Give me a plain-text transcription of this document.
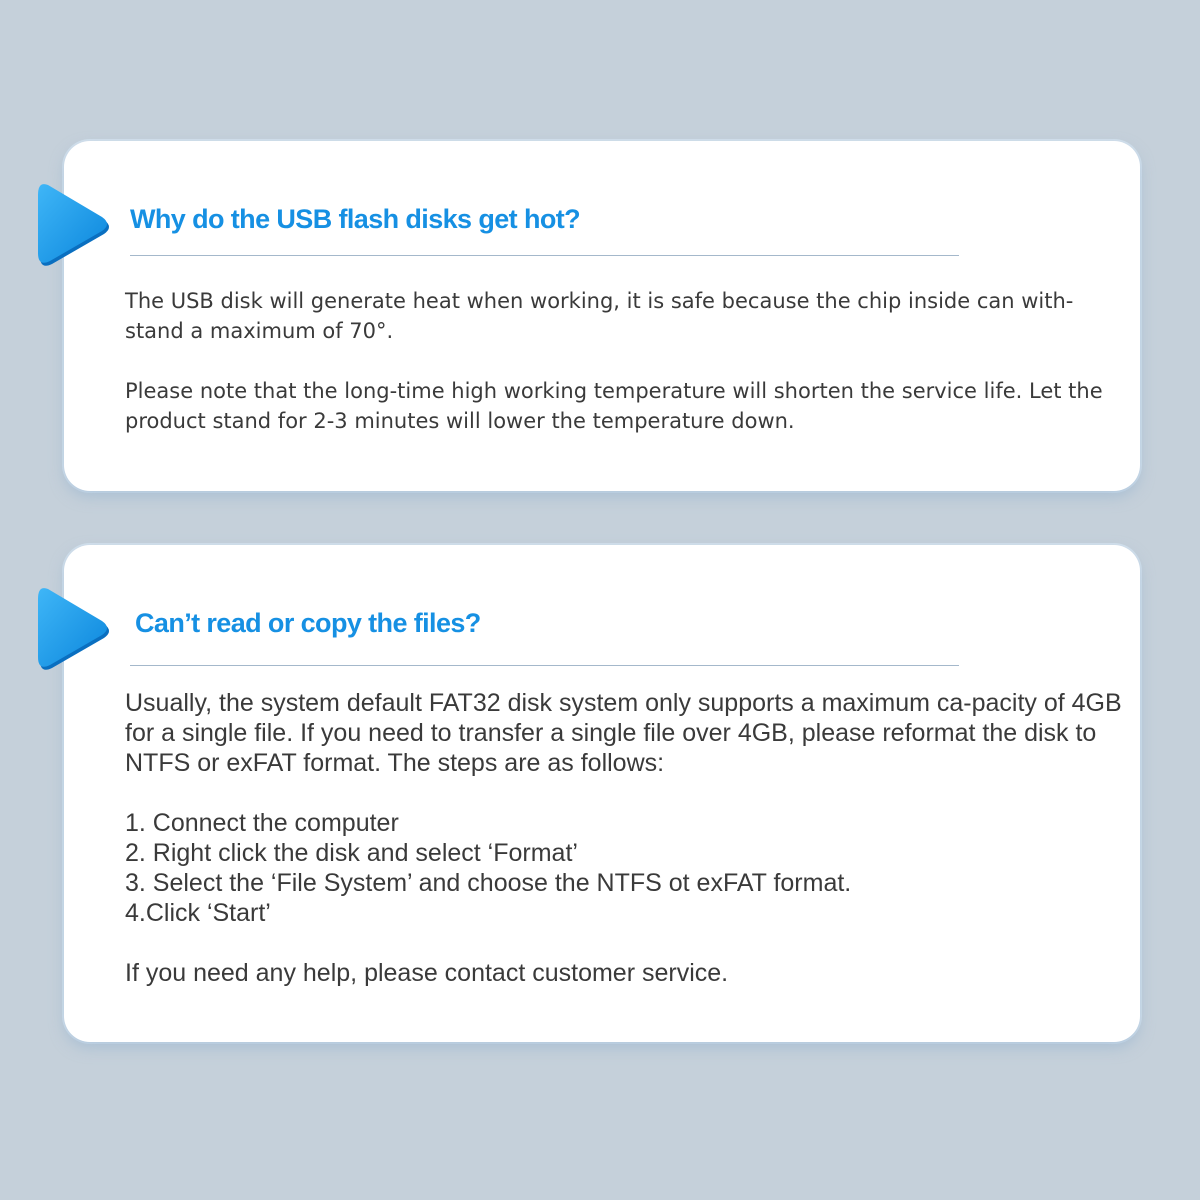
Why do the USB flash disks get hot?

The USB disk will generate heat when working, it is safe because the chip inside can with-stand a maximum of 70°.

Please note that the long-time high working temperature will shorten the service life. Let the product stand for 2-3 minutes will lower the temperature down.

Can’t read or copy the files?

Usually, the system default FAT32 disk system only supports a maximum ca-pacity of 4GB for a single file. If you need to transfer a single file over 4GB, please reformat the disk to NTFS or exFAT format. The steps are as follows:

1. Connect the computer
2. Right click the disk and select ‘Format’
3. Select the ‘File System’ and choose the NTFS ot exFAT format.
4.Click ‘Start’

If you need any help, please contact customer service.
